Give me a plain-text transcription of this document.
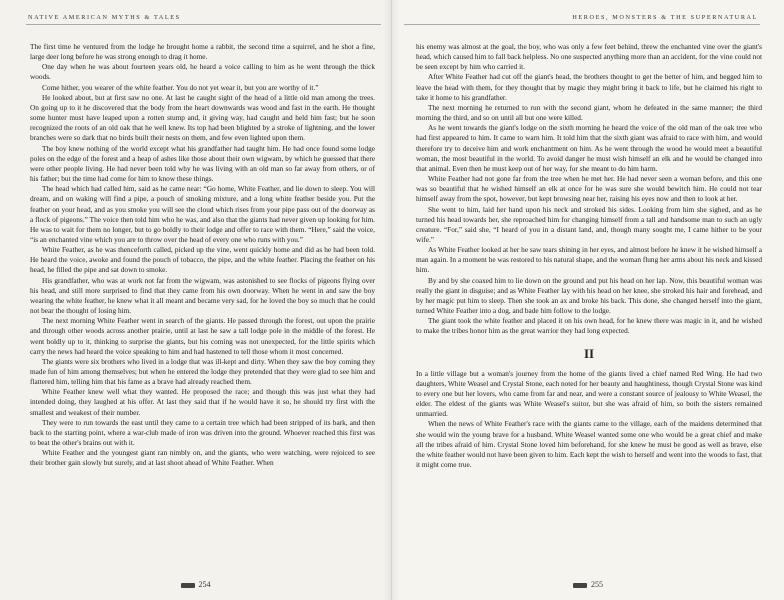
NATIVE AMERICAN MYTHS & TALES

The first time he ventured from the lodge he brought home a rabbit, the second time a squirrel, and he shot a fine, large deer long before he was strong enough to drag it home.

One day when he was about fourteen years old, he heard a voice calling to him as he went through the thick woods.

Come hither, you wearer of the white feather. You do not yet wear it, but you are worthy of it.”

He looked about, but at first saw no one. At last he caught sight of the head of a little old man among the trees. On going up to it he discovered that the body from the heart downwards was wood and fast in the earth. He thought some hunter must have leaped upon a rotten stump and, it giving way, had caught and held him fast; but he soon recognized the roots of an old oak that he well knew. Its top had been blighted by a stroke of lightning, and the lower branches were so dark that no birds built their nests on them, and few even lighted upon them.

The boy knew nothing of the world except what his grandfather had taught him. He had once found some lodge poles on the edge of the forest and a heap of ashes like those about their own wigwam, by which he guessed that there were other people living. He had never been told why he was living with an old man so far away from others, or of his father; but the time had come for him to know these things.

The head which had called him, said as he came near: “Go home, White Feather, and lie down to sleep. You will dream, and on waking will find a pipe, a pouch of smoking mixture, and a long white feather beside you. Put the feather on your head, and as you smoke you will see the cloud which rises from your pipe pass out of the doorway as a flock of pigeons.” The voice then told him who he was, and also that the giants had never given up looking for him. He was to wait for them no longer, but to go boldly to their lodge and offer to race with them. “Here,” said the voice, “is an enchanted vine which you are to throw over the head of every one who runs with you.”

White Feather, as he was thenceforth called, picked up the vine, went quickly home and did as he had been told. He heard the voice, awoke and found the pouch of tobacco, the pipe, and the white feather. Placing the feather on his head, he filled the pipe and sat down to smoke.

His grandfather, who was at work not far from the wigwam, was astonished to see flocks of pigeons flying over his head, and still more surprised to find that they came from his own doorway. When he went in and saw the boy wearing the white feather, he knew what it all meant and became very sad, for he loved the boy so much that he could not bear the thought of losing him.

The next morning White Feather went in search of the giants. He passed through the forest, out upon the prairie and through other woods across another prairie, until at last he saw a tall lodge pole in the middle of the forest. He went boldly up to it, thinking to surprise the giants, but his coming was not unexpected, for the little spirits which carry the news had heard the voice speaking to him and had hastened to tell those whom it most concerned.

The giants were six brothers who lived in a lodge that was ill-kept and dirty. When they saw the boy coming they made fun of him among themselves; but when he entered the lodge they pretended that they were glad to see him and flattered him, telling him that his fame as a brave had already reached them.

White Feather knew well what they wanted. He proposed the race; and though this was just what they had intended doing, they laughed at his offer. At last they said that if he would have it so, he should try first with the smallest and weakest of their number.

They were to run towards the east until they came to a certain tree which had been stripped of its bark, and then back to the starting point, where a war-club made of iron was driven into the ground. Whoever reached this first was to beat the other's brains out with it.

White Feather and the youngest giant ran nimbly on, and the giants, who were watching, were rejoiced to see their brother gain slowly but surely, and at last shoot ahead of White Feather. When

254
HEROES, MONSTERS & THE SUPERNATURAL

his enemy was almost at the goal, the boy, who was only a few feet behind, threw the enchanted vine over the giant's head, which caused him to fall back helpless. No one suspected anything more than an accident, for the vine could not be seen except by him who carried it.

After White Feather had cut off the giant's head, the brothers thought to get the better of him, and begged him to leave the head with them, for they thought that by magic they might bring it back to life, but he claimed his right to take it home to his grandfather.

The next morning he returned to run with the second giant, whom he defeated in the same manner; the third morning the third, and so on until all but one were killed.

As he went towards the giant's lodge on the sixth morning he heard the voice of the old man of the oak tree who had first appeared to him. It came to warn him. It told him that the sixth giant was afraid to race with him, and would therefore try to deceive him and work enchantment on him. As he went through the wood he would meet a beautiful woman, the most beautiful in the world. To avoid danger he must wish himself an elk and he would be changed into that animal. Even then he must keep out of her way, for she meant to do him harm.

White Feather had not gone far from the tree when he met her. He had never seen a woman before, and this one was so beautiful that he wished himself an elk at once for he was sure she would bewitch him. He could not tear himself away from the spot, however, but kept browsing near her, raising his eyes now and then to look at her.

She went to him, laid her hand upon his neck and stroked his sides. Looking from him she sighed, and as he turned his head towards her, she reproached him for changing himself from a tall and handsome man to such an ugly creature. “For,” said she, “I heard of you in a distant land, and, though many sought me, I came hither to be your wife.”

As White Feather looked at her he saw tears shining in her eyes, and almost before he knew it he wished himself a man again. In a moment he was restored to his natural shape, and the woman flung her arms about his neck and kissed him.

By and by she coaxed him to lie down on the ground and put his head on her lap. Now, this beautiful woman was really the giant in disguise; and as White Feather lay with his head on her knee, she stroked his hair and forehead, and by her magic put him to sleep. Then she took an ax and broke his back. This done, she changed herself into the giant, turned White Feather into a dog, and bade him follow to the lodge.

The giant took the white feather and placed it on his own head, for he knew there was magic in it, and he wished to make the tribes honor him as the great warrior they had long expected.

II

In a little village but a woman's journey from the home of the giants lived a chief named Red Wing. He had two daughters, White Weasel and Crystal Stone, each noted for her beauty and haughtiness, though Crystal Stone was kind to every one but her lovers, who came from far and near, and were a constant source of jealousy to White Weasel, the elder. The eldest of the giants was White Weasel's suitor, but she was afraid of him, so both the sisters remained unmarried.

When the news of White Feather's race with the giants came to the village, each of the maidens determined that she would win the young brave for a husband. White Weasel wanted some one who would be a great chief and make all the tribes afraid of him. Crystal Stone loved him beforehand, for she knew he must be good as well as brave, else the white feather would not have been given to him. Each kept the wish to herself and went into the woods to fast, that it might come true.

255
